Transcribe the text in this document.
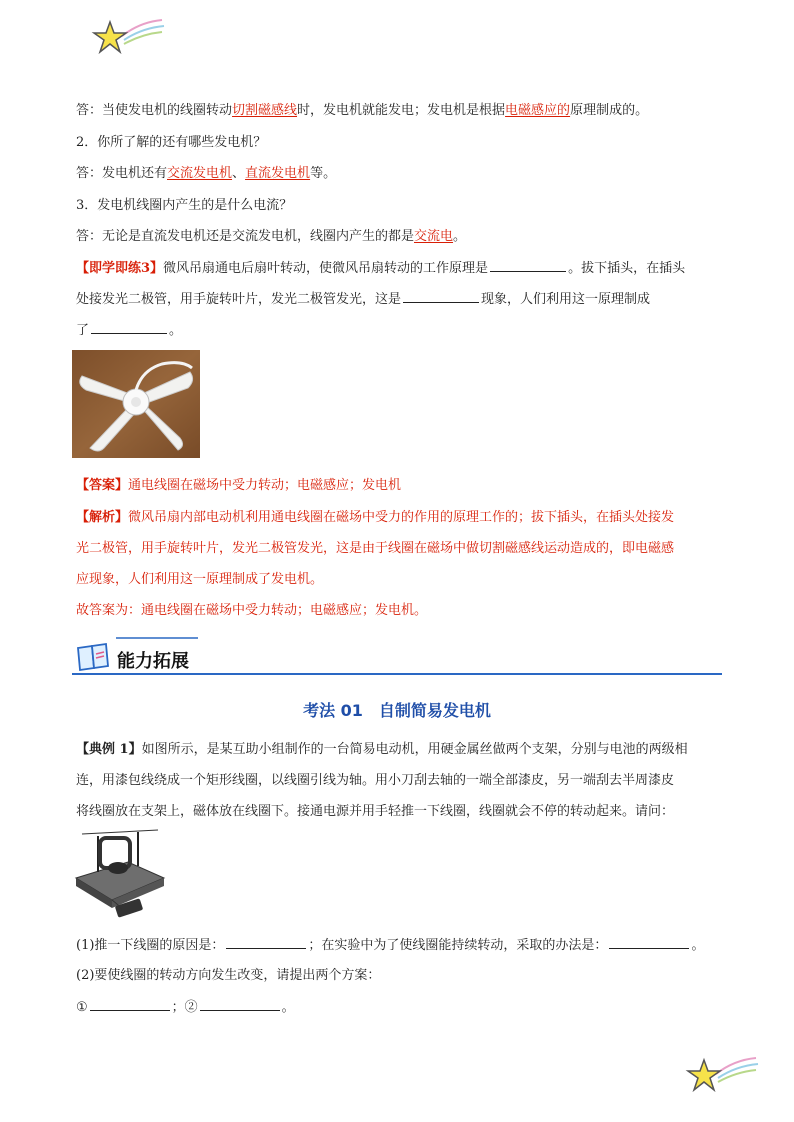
答：当使发电机的线圈转动切割磁感线时，发电机就能发电；发电机是根据电磁感应的原理制成的。
2．你所了解的还有哪些发电机？
答：发电机还有交流发电机、直流发电机等。
3．发电机线圈内产生的是什么电流？
答：无论是直流发电机还是交流发电机，线圈内产生的都是交流电。
【即学即练3】微风吊扇通电后扇叶转动，使微风吊扇转动的工作原理是	。拔下插头，在插头
处接发光二极管，用手旋转叶片，发光二极管发光，这是	现象，人们利用这一原理制成
了	。
【答案】通电线圈在磁场中受力转动；电磁感应；发电机
【解析】微风吊扇内部电动机利用通电线圈在磁场中受力的作用的原理工作的；拔下插头，在插头处接发
光二极管，用手旋转叶片，发光二极管发光，这是由于线圈在磁场中做切割磁感线运动造成的，即电磁感
应现象，人们利用这一原理制成了发电机。
故答案为：通电线圈在磁场中受力转动；电磁感应；发电机。
能力拓展
考法 01 自制简易发电机
【典例 1】如图所示，是某互助小组制作的一台简易电动机，用硬金属丝做两个支架，分别与电池的两级相
连，用漆包线绕成一个矩形线圈，以线圈引线为轴。用小刀刮去轴的一端全部漆皮，另一端刮去半周漆皮
将线圈放在支架上，磁体放在线圈下。接通电源并用手轻推一下线圈，线圈就会不停的转动起来。请问：
(1)推一下线圈的原因是：	；在实验中为了使线圈能持续转动，采取的办法是：	。
(2)要使线圈的转动方向发生改变，请提出两个方案：
①	；②	。
